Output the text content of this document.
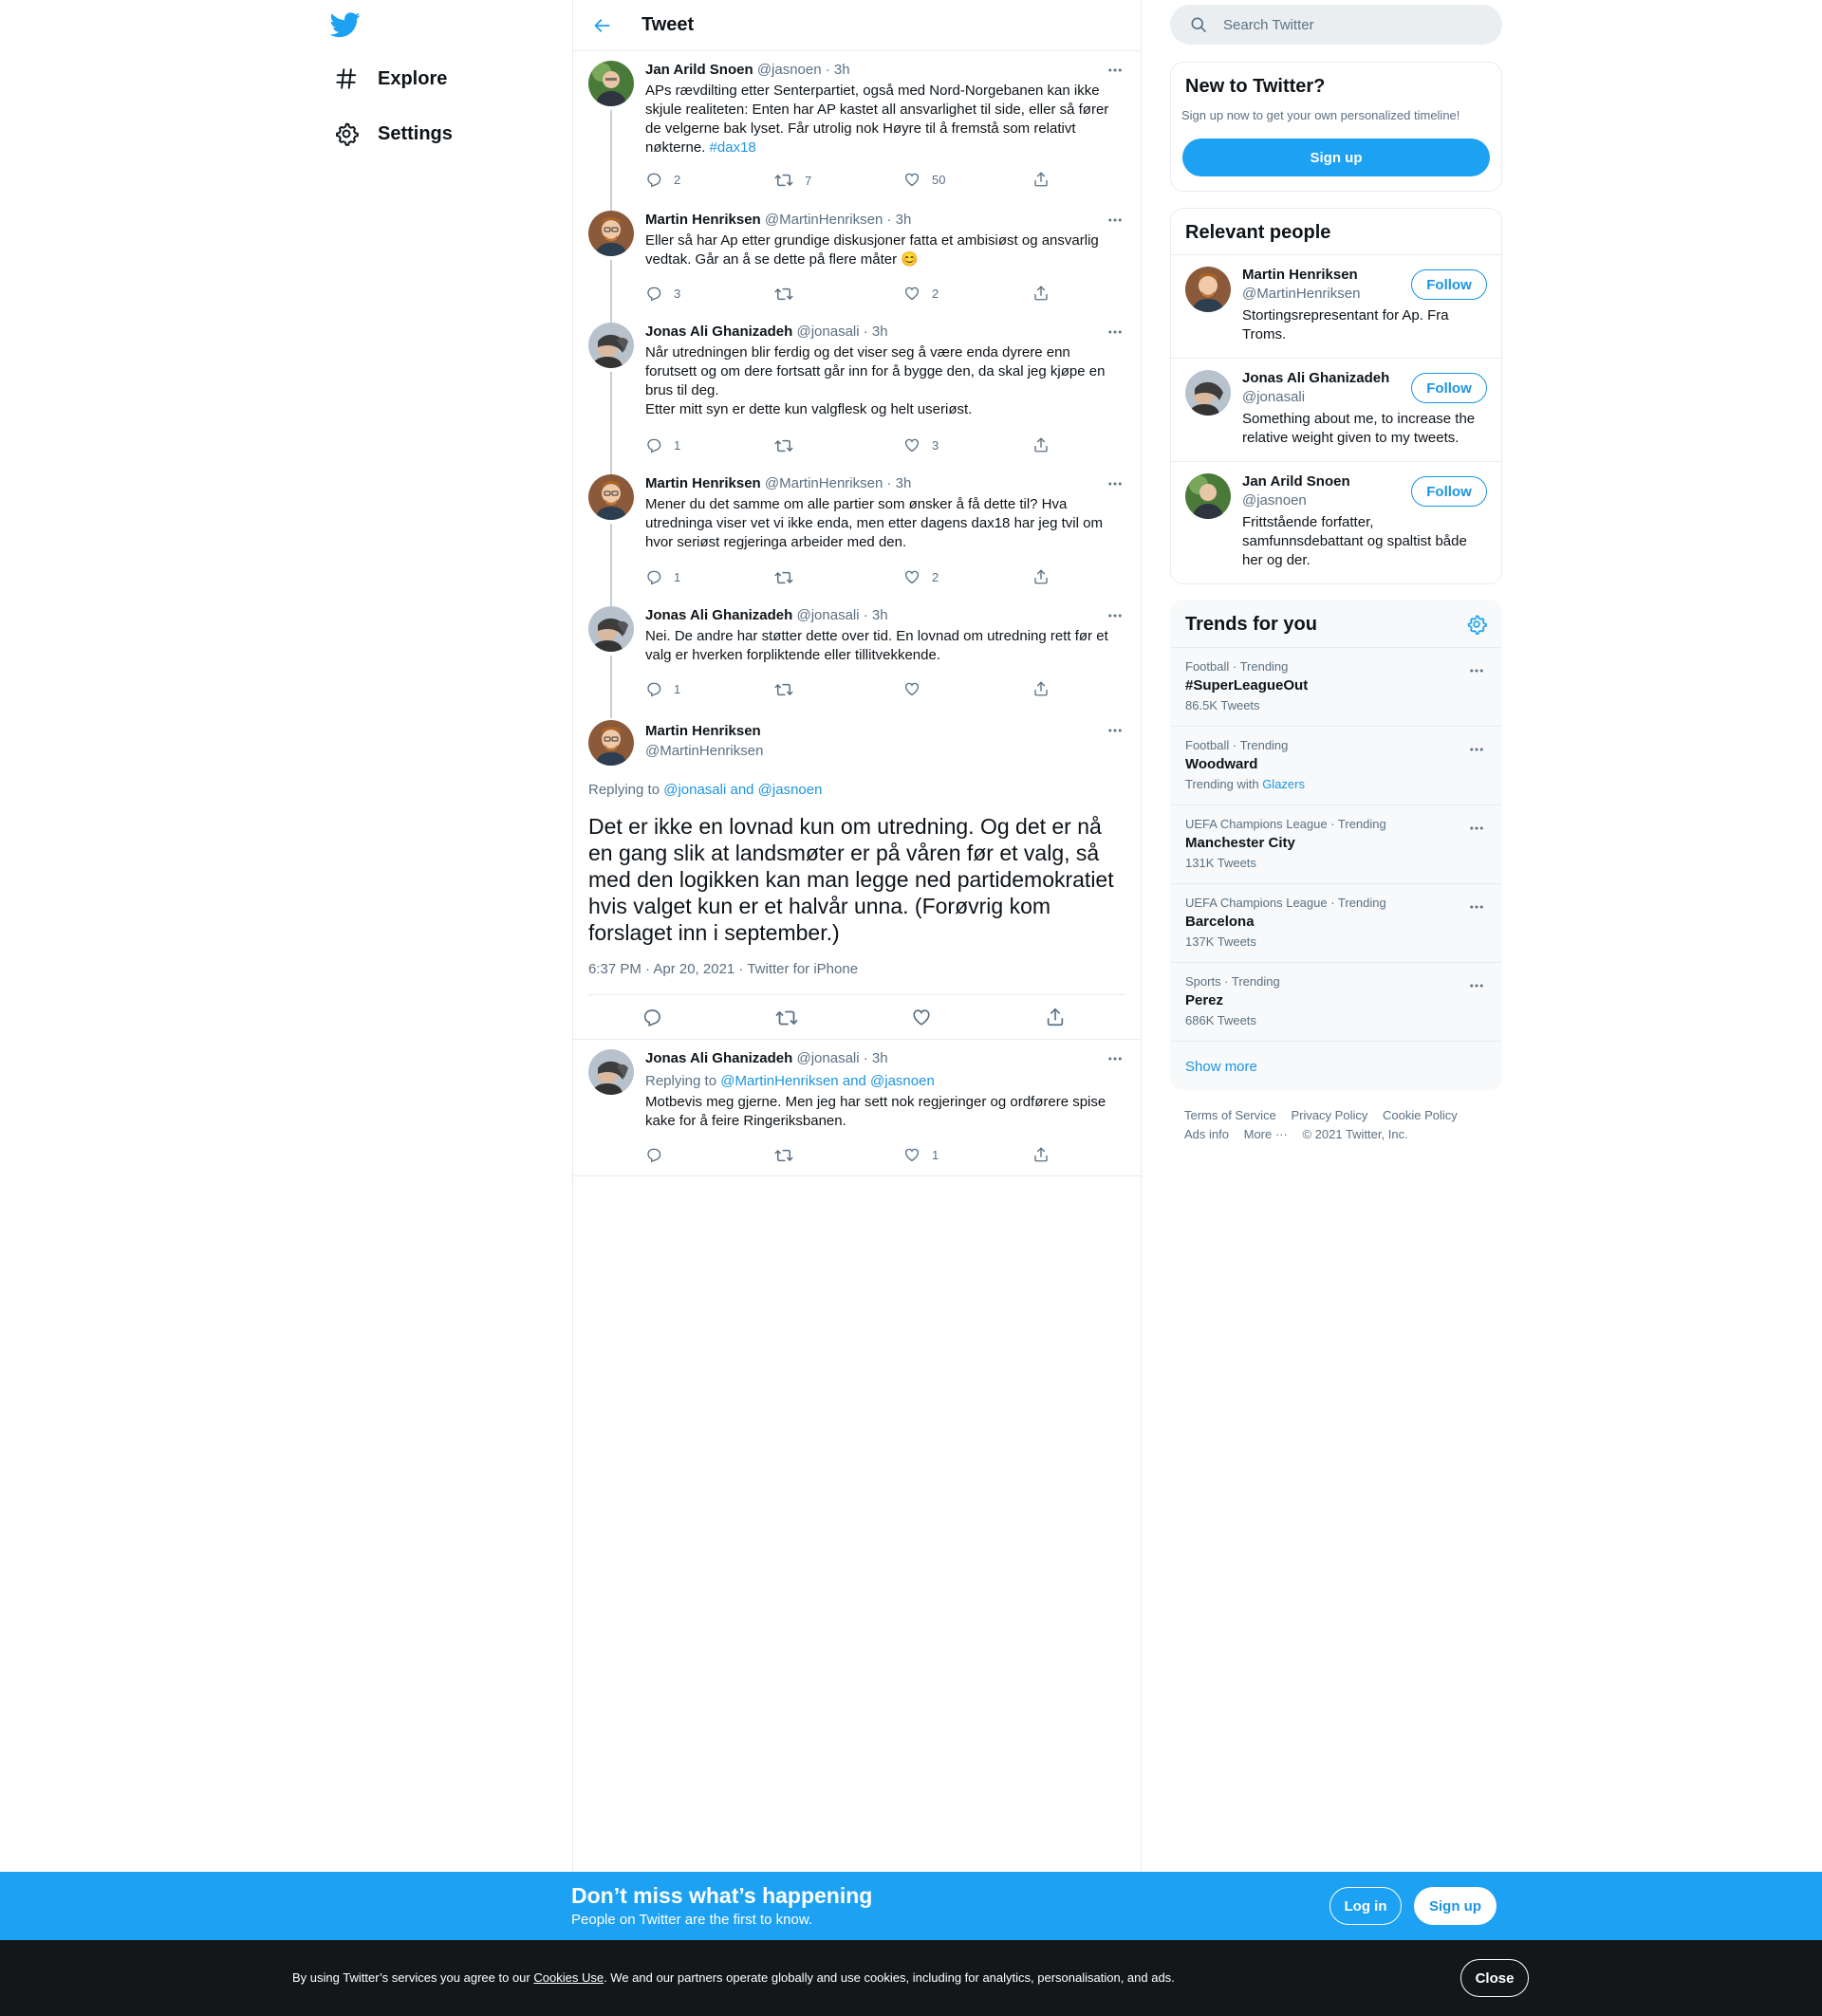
Explore
Settings
Tweet
Jan Arild Snoen @jasnoen · 3h
APs rævdilting etter Senterpartiet, også med Nord-Norgebanen kan ikke skjule realiteten: Enten har AP kastet all ansvarlighet til side, eller så fører de velgerne bak lyset. Får utrolig nok Høyre til å fremstå som relativt nøkterne. #dax18
2	7	50
Martin Henriksen @MartinHenriksen · 3h
Eller så har Ap etter grundige diskusjoner fatta et ambisiøst og ansvarlig vedtak. Går an å se dette på flere måter 😊
3	2
Jonas Ali Ghanizadeh @jonasali · 3h
Når utredningen blir ferdig og det viser seg å være enda dyrere enn forutsett og om dere fortsatt går inn for å bygge den, da skal jeg kjøpe en brus til deg.
Etter mitt syn er dette kun valgflesk og helt useriøst.
1	3
Martin Henriksen @MartinHenriksen · 3h
Mener du det samme om alle partier som ønsker å få dette til? Hva utredninga viser vet vi ikke enda, men etter dagens dax18 har jeg tvil om hvor seriøst regjeringa arbeider med den.
1	2
Jonas Ali Ghanizadeh @jonasali · 3h
Nei. De andre har støtter dette over tid. En lovnad om utredning rett før et valg er hverken forpliktende eller tillitvekkende.
1
Martin Henriksen
@MartinHenriksen
Replying to @jonasali and @jasnoen
Det er ikke en lovnad kun om utredning. Og det er nå en gang slik at landsmøter er på våren før et valg, så med den logikken kan man legge ned partidemokratiet hvis valget kun er et halvår unna. (Forøvrig kom forslaget inn i september.)
6:37 PM · Apr 20, 2021 · Twitter for iPhone
Jonas Ali Ghanizadeh @jonasali · 3h
Replying to @MartinHenriksen and @jasnoen
Motbevis meg gjerne. Men jeg har sett nok regjeringer og ordførere spise kake for å feire Ringeriksbanen.
1
Search Twitter
New to Twitter?
Sign up now to get your own personalized timeline!
Sign up
Relevant people
Martin Henriksen
@MartinHenriksen
Stortingsrepresentant for Ap. Fra Troms.
Follow
Jonas Ali Ghanizadeh
@jonasali
Something about me, to increase the relative weight given to my tweets.
Follow
Jan Arild Snoen
@jasnoen
Frittstående forfatter, samfunnsdebattant og spaltist både her og der.
Follow
Trends for you
Football · Trending
#SuperLeagueOut
86.5K Tweets
Football · Trending
Woodward
Trending with Glazers
UEFA Champions League · Trending
Manchester City
131K Tweets
UEFA Champions League · Trending
Barcelona
137K Tweets
Sports · Trending
Perez
686K Tweets
Show more
Terms of Service Privacy Policy Cookie Policy
Ads info More ··· © 2021 Twitter, Inc.
Don’t miss what’s happening
People on Twitter are the first to know.
Log in	Sign up
By using Twitter’s services you agree to our Cookies Use. We and our partners operate globally and use cookies, including for analytics, personalisation, and ads.	Close
